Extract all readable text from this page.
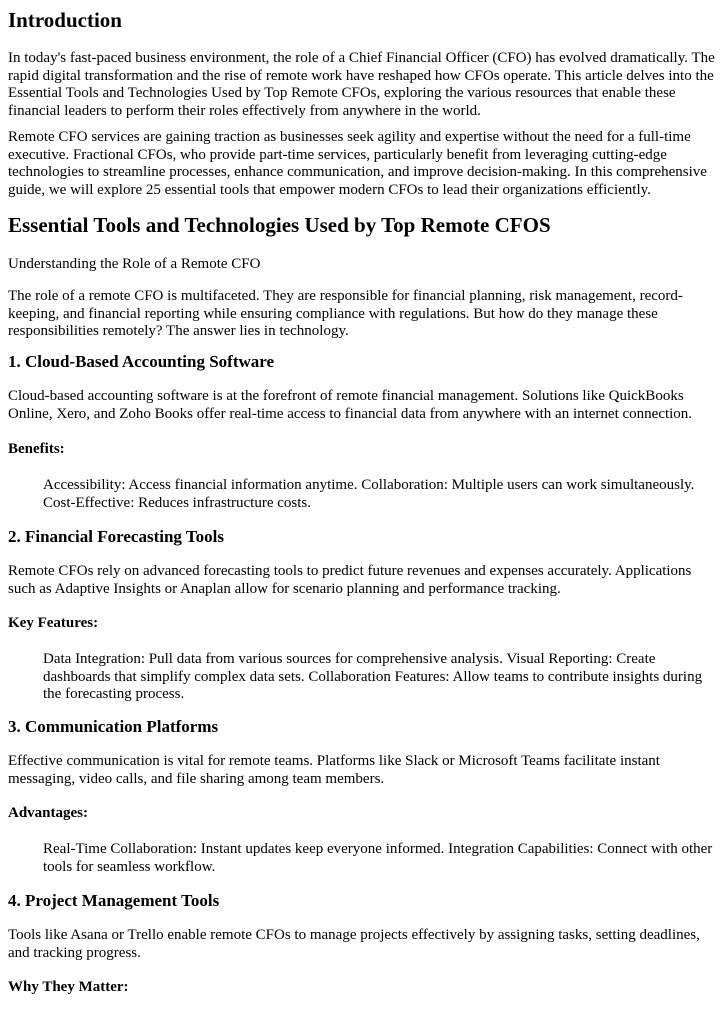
Introduction

In today's fast-paced business environment, the role of a Chief Financial Officer (CFO) has evolved dramatically. The rapid digital transformation and the rise of remote work have reshaped how CFOs operate. This article delves into the Essential Tools and Technologies Used by Top Remote CFOs, exploring the various resources that enable these financial leaders to perform their roles effectively from anywhere in the world.

Remote CFO services are gaining traction as businesses seek agility and expertise without the need for a full-time executive. Fractional CFOs, who provide part-time services, particularly benefit from leveraging cutting-edge technologies to streamline processes, enhance communication, and improve decision-making. In this comprehensive guide, we will explore 25 essential tools that empower modern CFOs to lead their organizations efficiently.

Essential Tools and Technologies Used by Top Remote CFOS

Understanding the Role of a Remote CFO

The role of a remote CFO is multifaceted. They are responsible for financial planning, risk management, record-keeping, and financial reporting while ensuring compliance with regulations. But how do they manage these responsibilities remotely? The answer lies in technology.

1. Cloud-Based Accounting Software

Cloud-based accounting software is at the forefront of remote financial management. Solutions like QuickBooks Online, Xero, and Zoho Books offer real-time access to financial data from anywhere with an internet connection.

Benefits:
Accessibility: Access financial information anytime. Collaboration: Multiple users can work simultaneously. Cost-Effective: Reduces infrastructure costs.
2. Financial Forecasting Tools

Remote CFOs rely on advanced forecasting tools to predict future revenues and expenses accurately. Applications such as Adaptive Insights or Anaplan allow for scenario planning and performance tracking.

Key Features:
Data Integration: Pull data from various sources for comprehensive analysis. Visual Reporting: Create dashboards that simplify complex data sets. Collaboration Features: Allow teams to contribute insights during the forecasting process.
3. Communication Platforms

Effective communication is vital for remote teams. Platforms like Slack or Microsoft Teams facilitate instant messaging, video calls, and file sharing among team members.

Advantages:
Real-Time Collaboration: Instant updates keep everyone informed. Integration Capabilities: Connect with other tools for seamless workflow.
4. Project Management Tools

Tools like Asana or Trello enable remote CFOs to manage projects effectively by assigning tasks, setting deadlines, and tracking progress.

Why They Matter:
